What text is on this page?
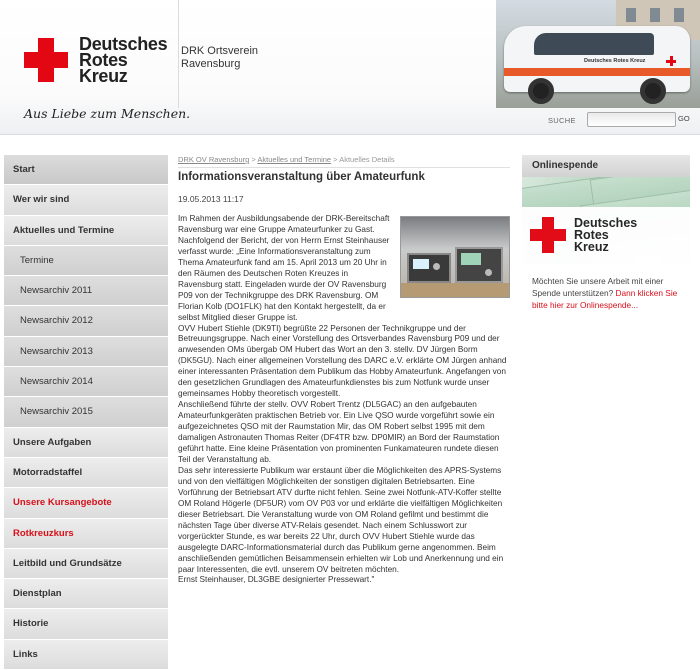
Deutsches
Rotes
Kreuz
DRK Ortsverein
Ravensburg
Aus Liebe zum Menschen.
Deutsches Rotes Kreuz
SUCHE	GO
Start
Wer wir sind
Aktuelles und Termine
Termine
Newsarchiv 2011
Newsarchiv 2012
Newsarchiv 2013
Newsarchiv 2014
Newsarchiv 2015
Unsere Aufgaben
Motorradstaffel
Unsere Kursangebote
Rotkreuzkurs
Leitbild und Grundsätze
Dienstplan
Historie
Links
DRK OV Ravensburg > Aktuelles und Termine > Aktuelles Details
Informationsveranstaltung über Amateurfunk
19.05.2013 11:17

Im Rahmen der Ausbildungsabende der DRK-Bereitschaft Ravensburg war eine Gruppe Amateurfunker zu Gast. Nachfolgend der Bericht, der von Herrn Ernst Steinhauser verfasst wurde: „Eine Informationsveranstaltung zum Thema Amateurfunk fand am 15. April 2013 um 20 Uhr in den Räumen des Deutschen Roten Kreuzes in Ravensburg statt. Eingeladen wurde der OV Ravensburg P09 von der Technikgruppe des DRK Ravensburg. OM Florian Kolb (DO1FLK) hat den Kontakt hergestellt, da er selbst Mitglied dieser Gruppe ist.

OVV Hubert Stiehle (DK9TI) begrüßte 22 Personen der Technikgruppe und der Betreuungsgruppe. Nach einer Vorstellung des Ortsverbandes Ravensburg P09 und der anwesenden OMs übergab OM Hubert das Wort an den 3. stellv. DV Jürgen Borm (DK5GU). Nach einer allgemeinen Vorstellung des DARC e.V. erklärte OM Jürgen anhand einer interessanten Präsentation dem Publikum das Hobby Amateurfunk. Angefangen von den gesetzlichen Grundlagen des Amateurfunkdienstes bis zum Notfunk wurde unser gemeinsames Hobby theoretisch vorgestellt.

Anschließend führte der stellv. OVV Robert Trentz (DL5GAC) an den aufgebauten Amateurfunkgeräten praktischen Betrieb vor. Ein Live QSO wurde vorgeführt sowie ein aufgezeichnetes QSO mit der Raumstation Mir, das OM Robert selbst 1995 mit dem damaligen Astronauten Thomas Reiter (DF4TR bzw. DP0MIR) an Bord der Raumstation geführt hatte. Eine kleine Präsentation von prominenten Funkamateuren rundete diesen Teil der Veranstaltung ab.

Das sehr interessierte Publikum war erstaunt über die Möglichkeiten des APRS-Systems und von den vielfältigen Möglichkeiten der sonstigen digitalen Betriebsarten. Eine Vorführung der Betriebsart ATV durfte nicht fehlen. Seine zwei Notfunk-ATV-Koffer stellte OM Roland Högerle (DF5UR) vom OV P03 vor und erklärte die vielfältigen Möglichkeiten dieser Betriebsart. Die Veranstaltung wurde von OM Roland gefilmt und bestimmt die nächsten Tage über diverse ATV-Relais gesendet. Nach einem Schlusswort zur vorgerückter Stunde, es war bereits 22 Uhr, durch OVV Hubert Stiehle wurde das ausgelegte DARC-Informationsmaterial durch das Publikum gerne angenommen. Beim anschließenden gemütlichen Beisammensein erhielten wir Lob und Anerkennung und ein paar Interessenten, die evtl. unserem OV beitreten möchten.

Ernst Steinhauser, DL3GBE designierter Pressewart."

Onlinespende
Deutsches
Rotes
Kreuz
Möchten Sie unsere Arbeit mit einer Spende unterstützen? Dann klicken Sie bitte hier zur Onlinespende...
